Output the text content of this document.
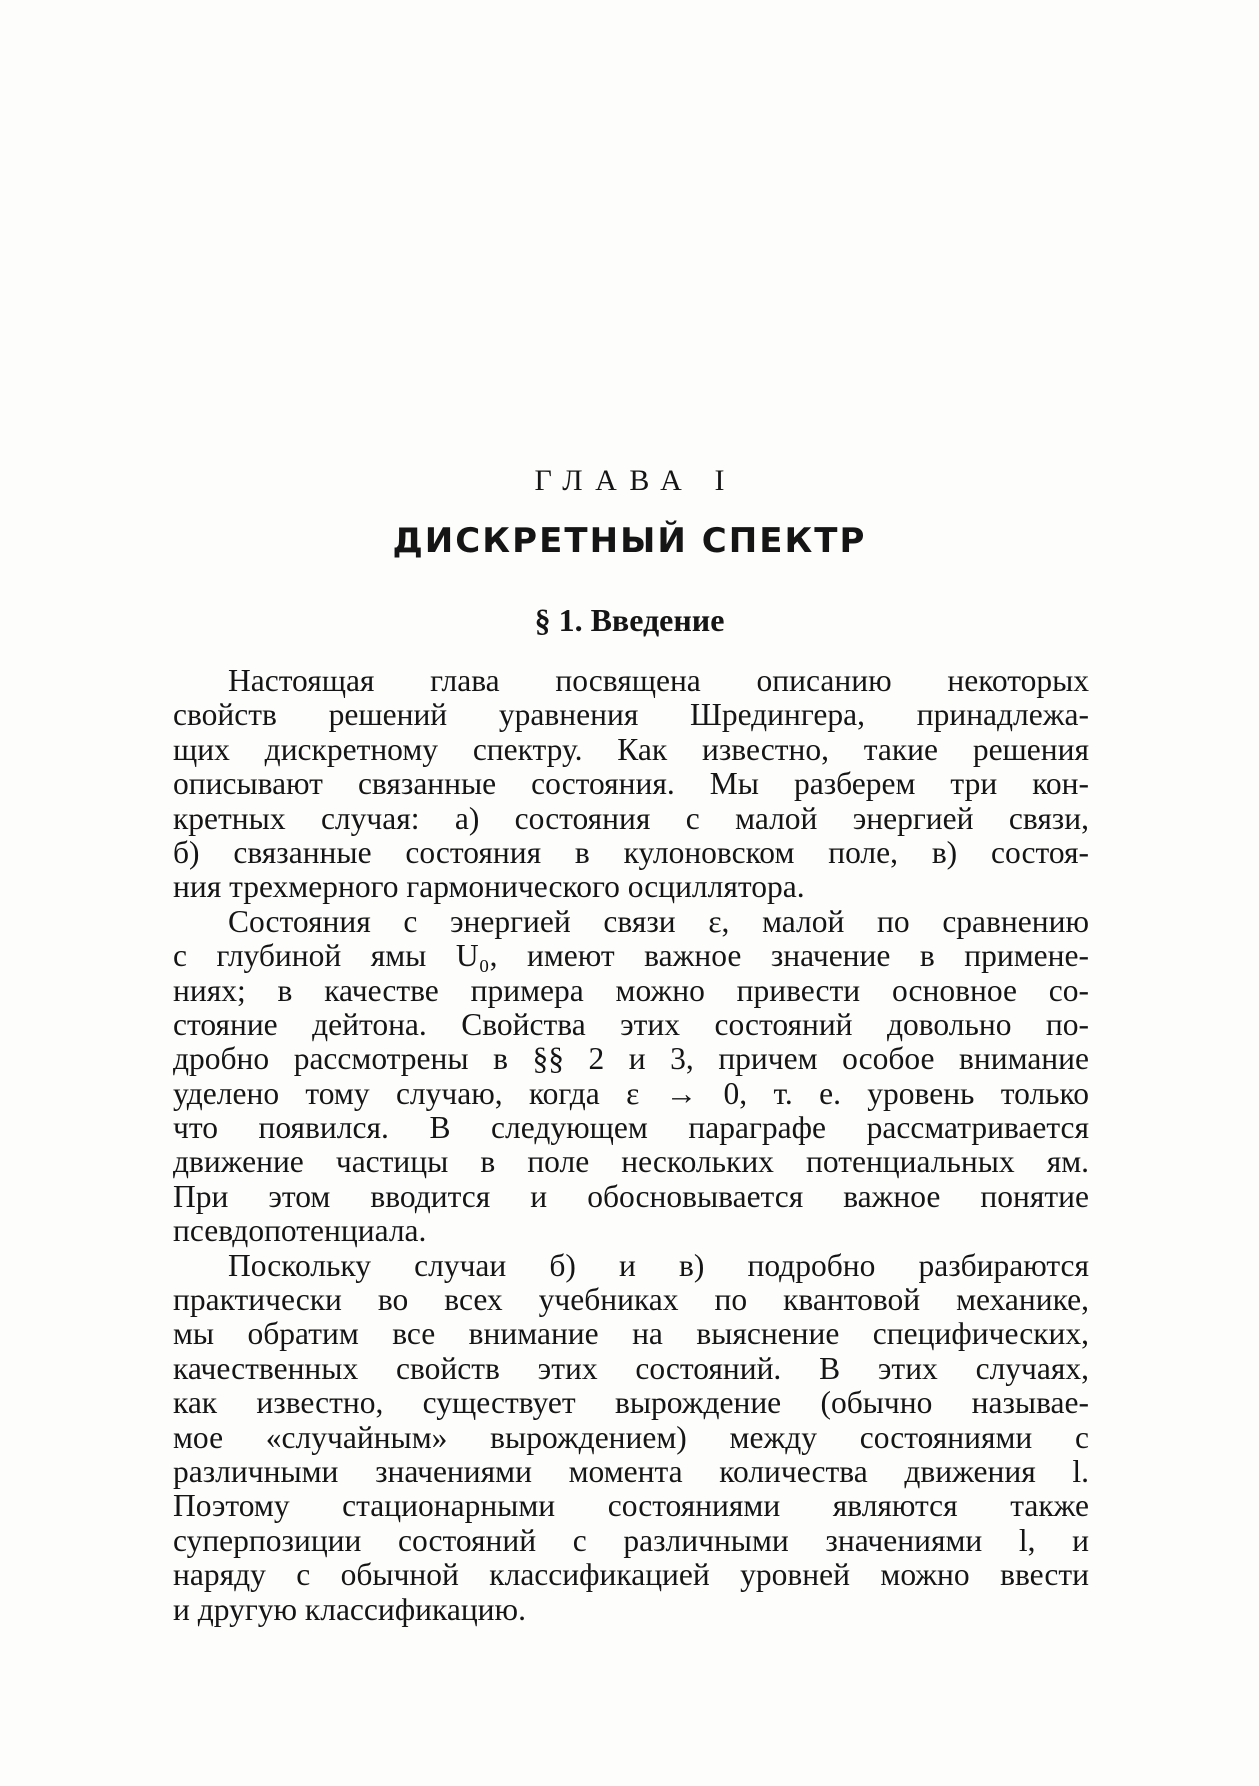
ГЛАВА I
ДИСКРЕТНЫЙ СПЕКТР
§ 1. Введение
Настоящая глава посвящена описанию некоторых
свойств решений уравнения Шредингера, принадлежа-
щих дискретному спектру. Как известно, такие решения
описывают связанные состояния. Мы разберем три кон-
кретных случая: а) состояния с малой энергией связи,
б) связанные состояния в кулоновском поле, в) состоя-
ния трехмерного гармонического осциллятора.
Состояния с энергией связи ε, малой по сравнению
с глубиной ямы U₀, имеют важное значение в примене-
ниях; в качестве примера можно привести основное со-
стояние дейтона. Свойства этих состояний довольно по-
дробно рассмотрены в §§ 2 и 3, причем особое внимание
уделено тому случаю, когда ε → 0, т. е. уровень только
что появился. В следующем параграфе рассматривается
движение частицы в поле нескольких потенциальных ям.
При этом вводится и обосновывается важное понятие
псевдопотенциала.
Поскольку случаи б) и в) подробно разбираются
практически во всех учебниках по квантовой механике,
мы обратим все внимание на выяснение специфических,
качественных свойств этих состояний. В этих случаях,
как известно, существует вырождение (обычно называе-
мое «случайным» вырождением) между состояниями с
различными значениями момента количества движения l.
Поэтому стационарными состояниями являются также
суперпозиции состояний с различными значениями l, и
наряду с обычной классификацией уровней можно ввести
и другую классификацию.
